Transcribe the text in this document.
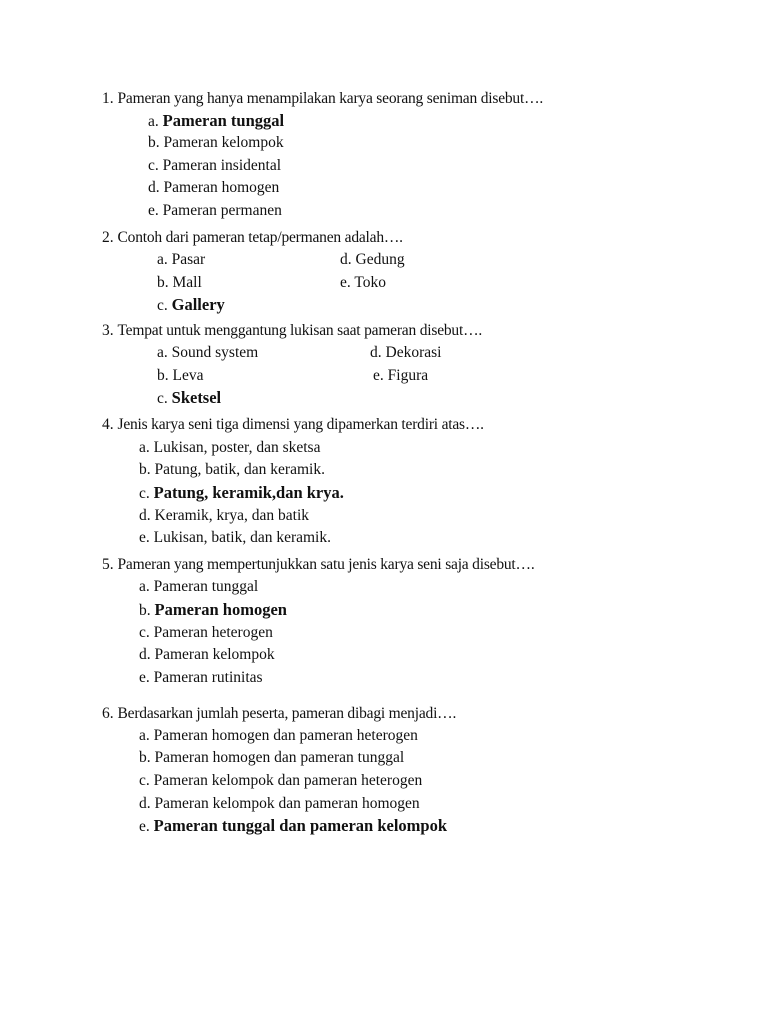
1. Pameran yang hanya menampilakan karya seorang seniman disebut….
a. Pameran tunggal
b. Pameran kelompok
c. Pameran insidental
d. Pameran homogen
e. Pameran permanen
2. Contoh dari pameran tetap/permanen adalah….
a. Pasar	d. Gedung
b. Mall	e. Toko
c. Gallery
3. Tempat untuk menggantung lukisan saat pameran disebut….
a. Sound system	d. Dekorasi
b. Leva	e. Figura
c. Sketsel
4. Jenis karya seni tiga dimensi yang dipamerkan terdiri atas….
a. Lukisan, poster, dan sketsa
b. Patung, batik, dan keramik.
c. Patung, keramik,dan krya.
d. Keramik, krya, dan batik
e. Lukisan, batik, dan keramik.
5. Pameran yang mempertunjukkan satu jenis karya seni saja disebut….
a. Pameran tunggal
b. Pameran homogen
c. Pameran heterogen
d. Pameran kelompok
e. Pameran rutinitas
6. Berdasarkan jumlah peserta, pameran dibagi menjadi….
a. Pameran homogen dan pameran heterogen
b. Pameran homogen dan pameran tunggal
c. Pameran kelompok dan pameran heterogen
d. Pameran kelompok dan pameran homogen
e. Pameran tunggal dan pameran kelompok
